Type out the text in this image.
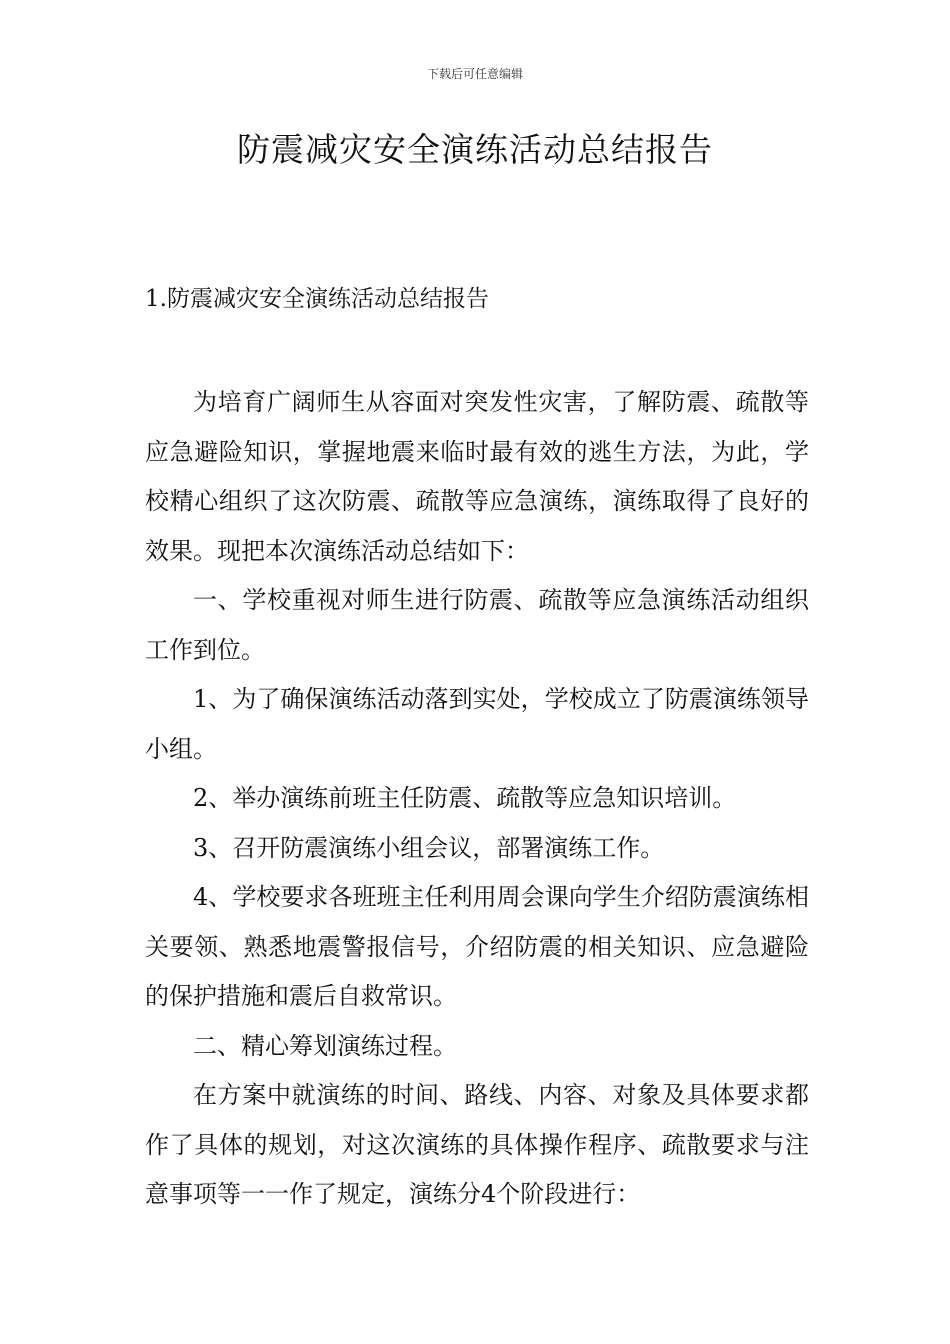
下载后可任意编辑
防震减灾安全演练活动总结报告
1.防震减灾安全演练活动总结报告

为培育广阔师生从容面对突发性灾害，了解防震、疏散等应急避险知识，掌握地震来临时最有效的逃生方法，为此，学校精心组织了这次防震、疏散等应急演练，演练取得了良好的效果。现把本次演练活动总结如下：

一、学校重视对师生进行防震、疏散等应急演练活动组织工作到位。

1、为了确保演练活动落到实处，学校成立了防震演练领导小组。

2、举办演练前班主任防震、疏散等应急知识培训。

3、召开防震演练小组会议，部署演练工作。

4、学校要求各班班主任利用周会课向学生介绍防震演练相关要领、熟悉地震警报信号，介绍防震的相关知识、应急避险的保护措施和震后自救常识。

二、精心筹划演练过程。

在方案中就演练的时间、路线、内容、对象及具体要求都作了具体的规划，对这次演练的具体操作程序、疏散要求与注意事项等一一作了规定，演练分4个阶段进行：
